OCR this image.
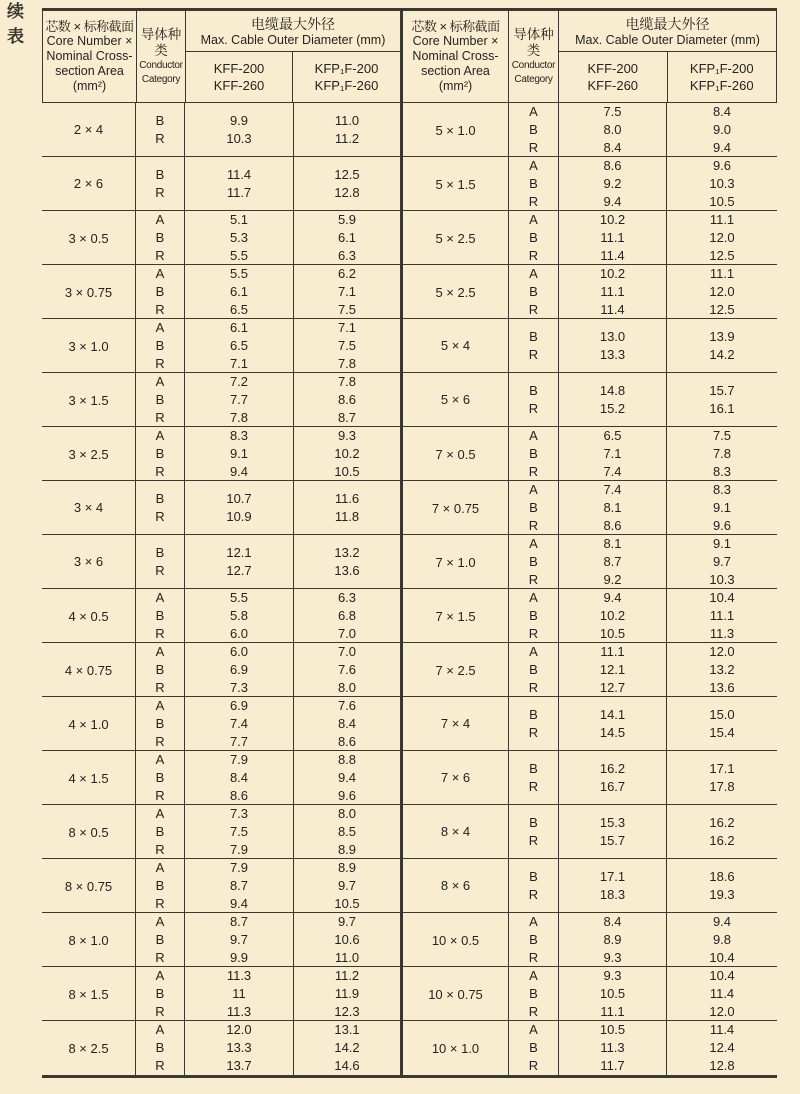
续
表
芯数 × 标称截面
Core Number ×
Nominal Cross-
section Area
(mm²)
导体种
类
Conductor
Category
电缆最大外径
Max. Cable Outer Diameter (mm)
KFF-200
KFF-260
KFP₁F-200
KFP₁F-260
2 × 4
B
R
9.9
10.3
11.0
11.2
2 × 6
B
R
11.4
11.7
12.5
12.8
3 × 0.5
A
B
R
5.1
5.3
5.5
5.9
6.1
6.3
3 × 0.75
A
B
R
5.5
6.1
6.5
6.2
7.1
7.5
3 × 1.0
A
B
R
6.1
6.5
7.1
7.1
7.5
7.8
3 × 1.5
A
B
R
7.2
7.7
7.8
7.8
8.6
8.7
3 × 2.5
A
B
R
8.3
9.1
9.4
9.3
10.2
10.5
3 × 4
B
R
10.7
10.9
11.6
11.8
3 × 6
B
R
12.1
12.7
13.2
13.6
4 × 0.5
A
B
R
5.5
5.8
6.0
6.3
6.8
7.0
4 × 0.75
A
B
R
6.0
6.9
7.3
7.0
7.6
8.0
4 × 1.0
A
B
R
6.9
7.4
7.7
7.6
8.4
8.6
4 × 1.5
A
B
R
7.9
8.4
8.6
8.8
9.4
9.6
8 × 0.5
A
B
R
7.3
7.5
7.9
8.0
8.5
8.9
8 × 0.75
A
B
R
7.9
8.7
9.4
8.9
9.7
10.5
8 × 1.0
A
B
R
8.7
9.7
9.9
9.7
10.6
11.0
8 × 1.5
A
B
R
11.3
11
11.3
11.2
11.9
12.3
8 × 2.5
A
B
R
12.0
13.3
13.7
13.1
14.2
14.6
芯数 × 标称截面
Core Number ×
Nominal Cross-
section Area
(mm²)
导体种
类
Conductor
Category
电缆最大外径
Max. Cable Outer Diameter (mm)
KFF-200
KFF-260
KFP₁F-200
KFP₁F-260
5 × 1.0
A
B
R
7.5
8.0
8.4
8.4
9.0
9.4
5 × 1.5
A
B
R
8.6
9.2
9.4
9.6
10.3
10.5
5 × 2.5
A
B
R
10.2
11.1
11.4
11.1
12.0
12.5
5 × 2.5
A
B
R
10.2
11.1
11.4
11.1
12.0
12.5
5 × 4
B
R
13.0
13.3
13.9
14.2
5 × 6
B
R
14.8
15.2
15.7
16.1
7 × 0.5
A
B
R
6.5
7.1
7.4
7.5
7.8
8.3
7 × 0.75
A
B
R
7.4
8.1
8.6
8.3
9.1
9.6
7 × 1.0
A
B
R
8.1
8.7
9.2
9.1
9.7
10.3
7 × 1.5
A
B
R
9.4
10.2
10.5
10.4
11.1
11.3
7 × 2.5
A
B
R
11.1
12.1
12.7
12.0
13.2
13.6
7 × 4
B
R
14.1
14.5
15.0
15.4
7 × 6
B
R
16.2
16.7
17.1
17.8
8 × 4
B
R
15.3
15.7
16.2
16.2
8 × 6
B
R
17.1
18.3
18.6
19.3
10 × 0.5
A
B
R
8.4
8.9
9.3
9.4
9.8
10.4
10 × 0.75
A
B
R
9.3
10.5
11.1
10.4
11.4
12.0
10 × 1.0
A
B
R
10.5
11.3
11.7
11.4
12.4
12.8
